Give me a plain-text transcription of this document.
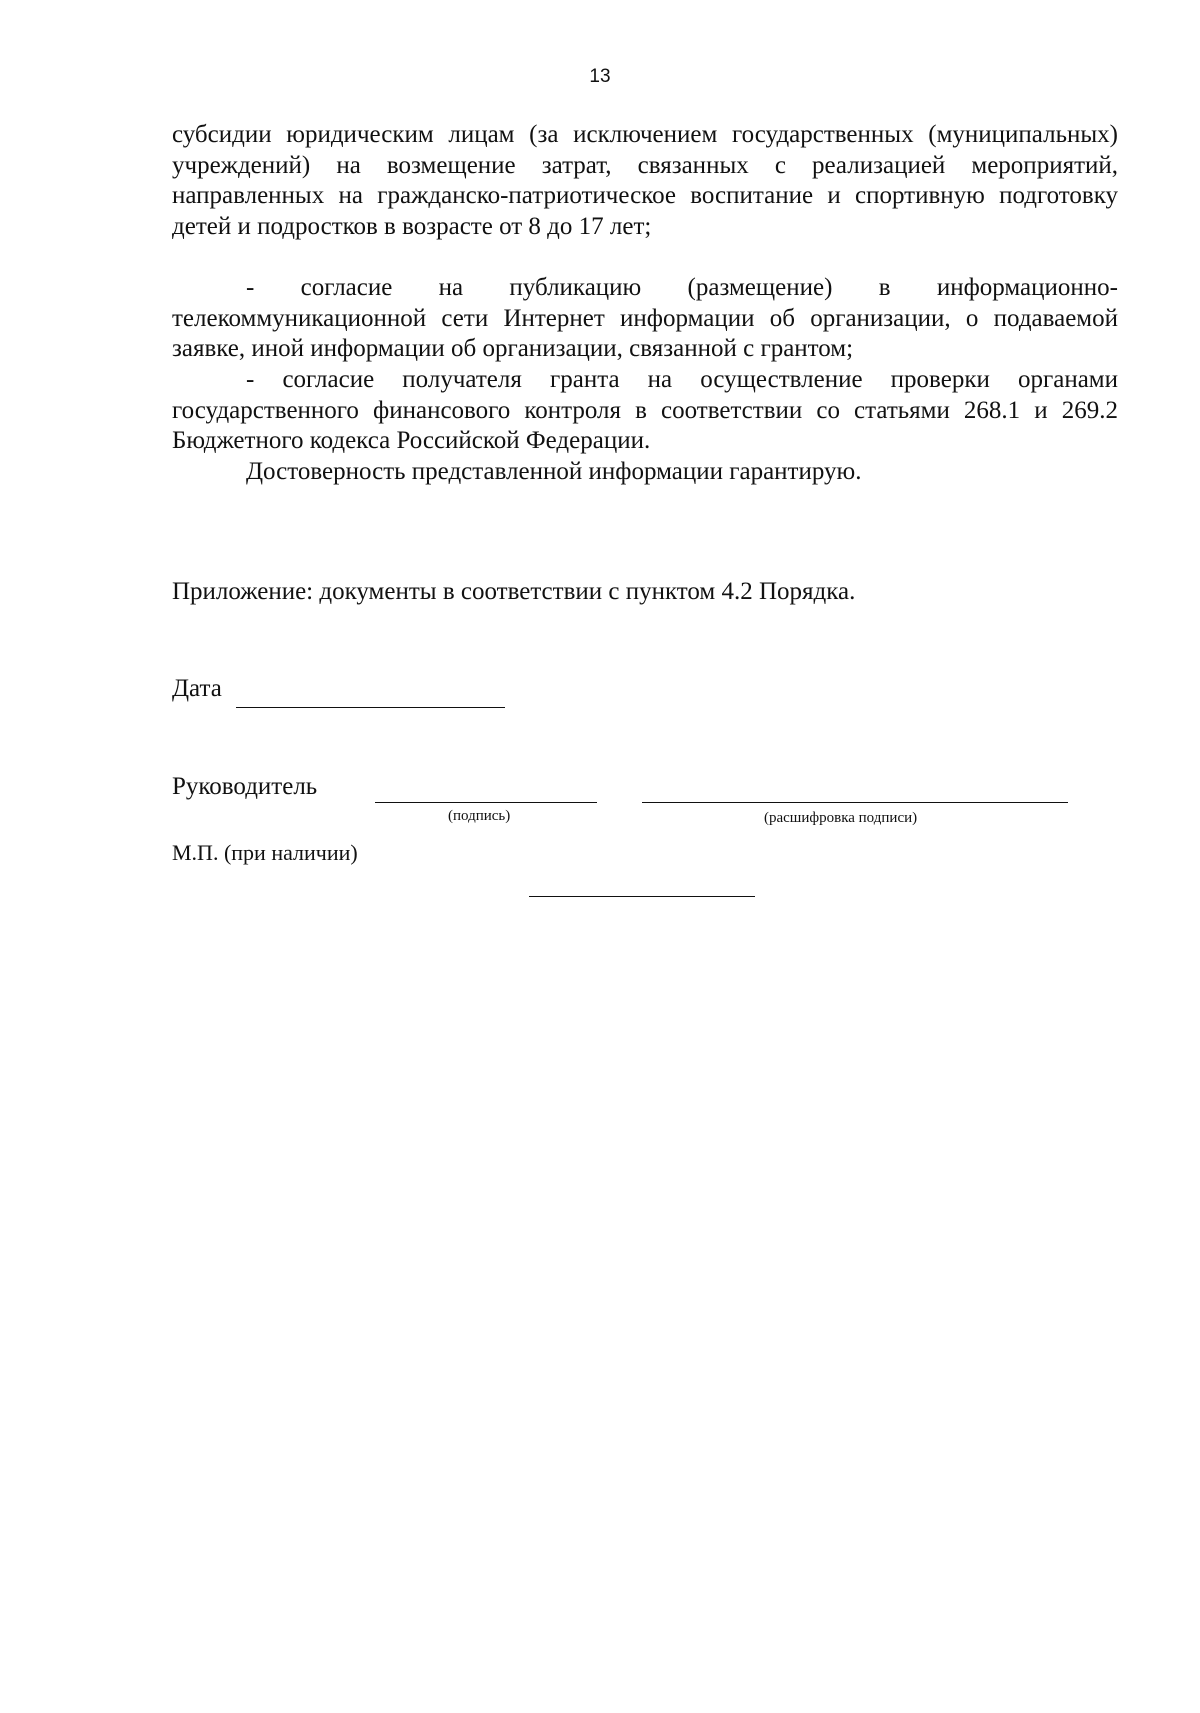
13
субсидии юридическим лицам (за исключением государственных (муниципальных) учреждений) на возмещение затрат, связанных с реализацией мероприятий, направленных на гражданско-патриотическое воспитание и спортивную подготовку детей и подростков в возрасте от 8 до 17 лет;
- согласие на публикацию (размещение) в информационно-телекоммуникационной сети Интернет информации об организации, о подаваемой заявке, иной информации об организации, связанной с грантом;
- согласие получателя гранта на осуществление проверки органами государственного финансового контроля в соответствии со статьями 268.1 и 269.2 Бюджетного кодекса Российской Федерации.
Достоверность представленной информации гарантирую.
Приложение: документы в соответствии с пунктом 4.2 Порядка.
Дата
Руководитель
(подпись)	(расшифровка подписи)
М.П. (при наличии)
